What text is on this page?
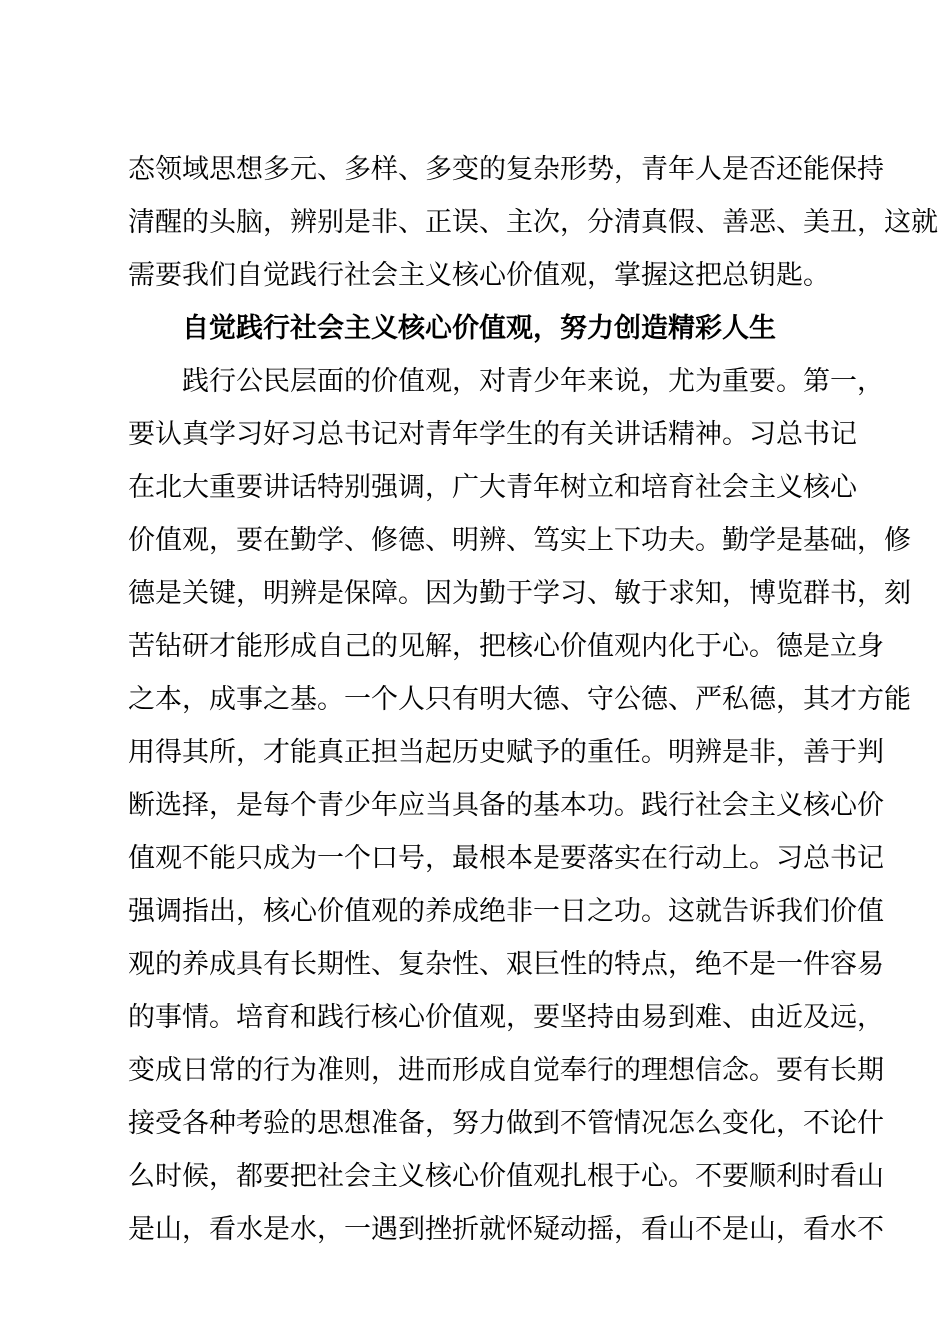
态领域思想多元、多样、多变的复杂形势，青年人是否还能保持
清醒的头脑，辨别是非、正误、主次，分清真假、善恶、美丑，这就
需要我们自觉践行社会主义核心价值观，掌握这把总钥匙。
自觉践行社会主义核心价值观，努力创造精彩人生
践行公民层面的价值观，对青少年来说，尤为重要。第一，
要认真学习好习总书记对青年学生的有关讲话精神。习总书记
在北大重要讲话特别强调，广大青年树立和培育社会主义核心
价值观，要在勤学、修德、明辨、笃实上下功夫。勤学是基础，修
德是关键，明辨是保障。因为勤于学习、敏于求知，博览群书，刻
苦钻研才能形成自己的见解，把核心价值观内化于心。德是立身
之本，成事之基。一个人只有明大德、守公德、严私德，其才方能
用得其所，才能真正担当起历史赋予的重任。明辨是非，善于判
断选择，是每个青少年应当具备的基本功。践行社会主义核心价
值观不能只成为一个口号，最根本是要落实在行动上。习总书记
强调指出，核心价值观的养成绝非一日之功。这就告诉我们价值
观的养成具有长期性、复杂性、艰巨性的特点，绝不是一件容易
的事情。培育和践行核心价值观，要坚持由易到难、由近及远，
变成日常的行为准则，进而形成自觉奉行的理想信念。要有长期
接受各种考验的思想准备，努力做到不管情况怎么变化，不论什
么时候，都要把社会主义核心价值观扎根于心。不要顺利时看山
是山，看水是水，一遇到挫折就怀疑动摇，看山不是山，看水不
